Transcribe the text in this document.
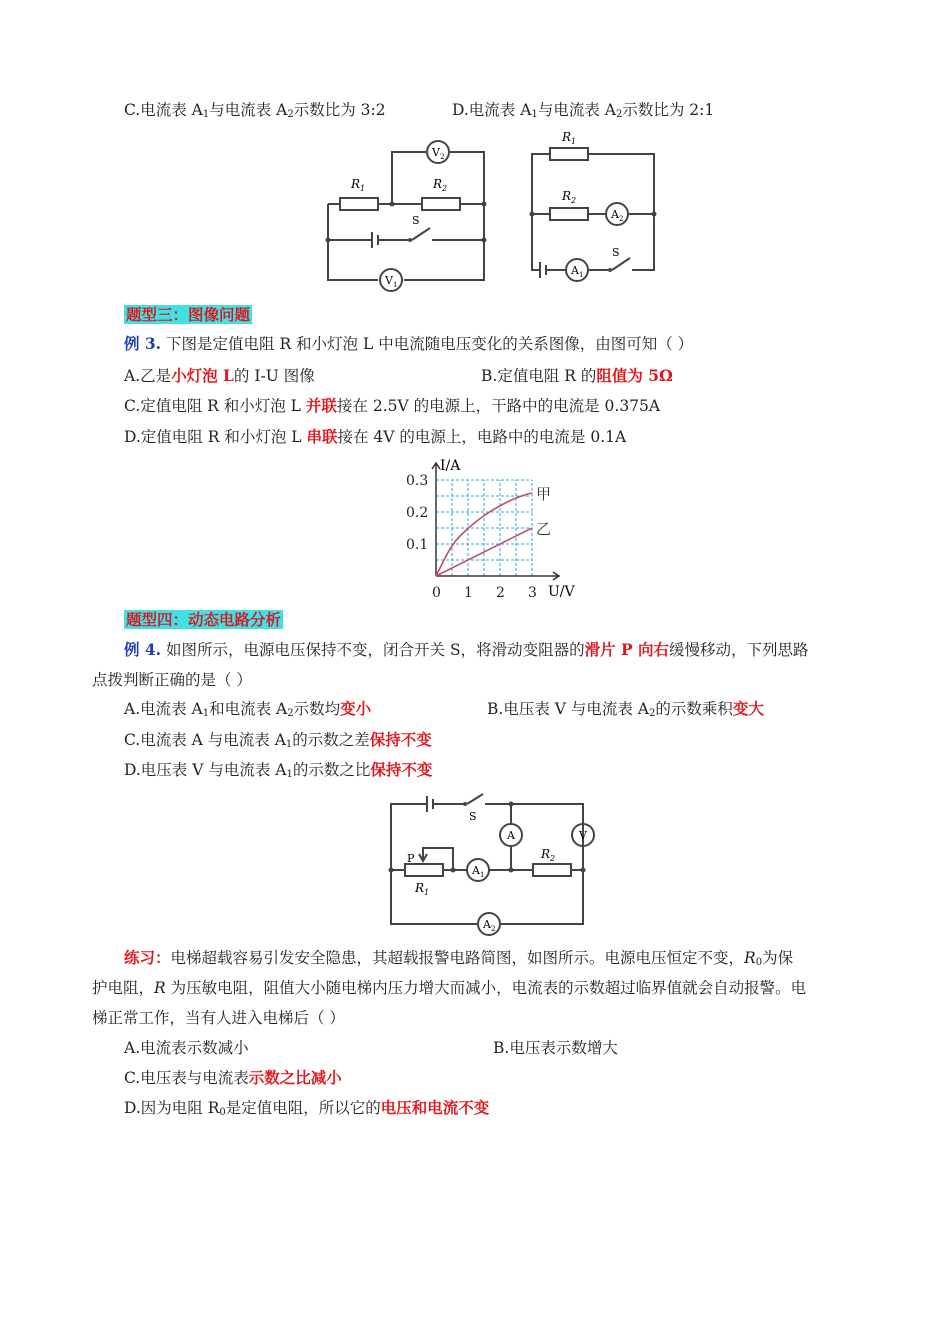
C.电流表 $A_1$与电流表 $A_2$示数比为 3:2	D.电流表 $A_1$与电流表 $A_2$示数比为 2:1
$R_1$	$R_2$
S
$V_2$
$V_1$
$R_1$
$R_2$
S
$A_2$
$A_1$
题型三：图像问题
例 3. 下图是定值电阻 R 和小灯泡 L 中电流随电压变化的关系图像，由图可知（ ）
A.乙是小灯泡 L的 I-U 图像	B.定值电阻 R 的阻值为 5Ω
C.定值电阻 R 和小灯泡 L 并联接在 2.5V 的电源上，干路中的电流是 0.375A
D.定值电阻 R 和小灯泡 L 串联接在 4V 的电源上，电路中的电流是 0.1A
甲
乙
0 1 2 3
0.1
0.2
0.3
I/A
U/V
题型四：动态电路分析
例 4. 如图所示，电源电压保持不变，闭合开关 S，将滑动变阻器的滑片 P 向右缓慢移动，下列思路
点拨判断正确的是（ ）
A.电流表 $A_1$和电流表 $A_2$示数均变小	B.电压表 V 与电流表 $A_2$的示数乘积变大
C.电流表 A 与电流表 $A_1$的示数之差保持不变
D.电压表 V 与电流表 $A_1$的示数之比保持不变
S
P
$R_1$
$R_2$
A	V
$A_1$
$A_2$
练习：电梯超载容易引发安全隐患，其超载报警电路简图，如图所示。电源电压恒定不变，$R_0$为保
护电阻，R 为压敏电阻，阻值大小随电梯内压力增大而减小，电流表的示数超过临界值就会自动报警。电
梯正常工作，当有人进入电梯后（ ）
A.电流表示数减小	B.电压表示数增大
C.电压表与电流表示数之比减小
D.因为电阻 $R_0$是定值电阻，所以它的电压和电流不变
